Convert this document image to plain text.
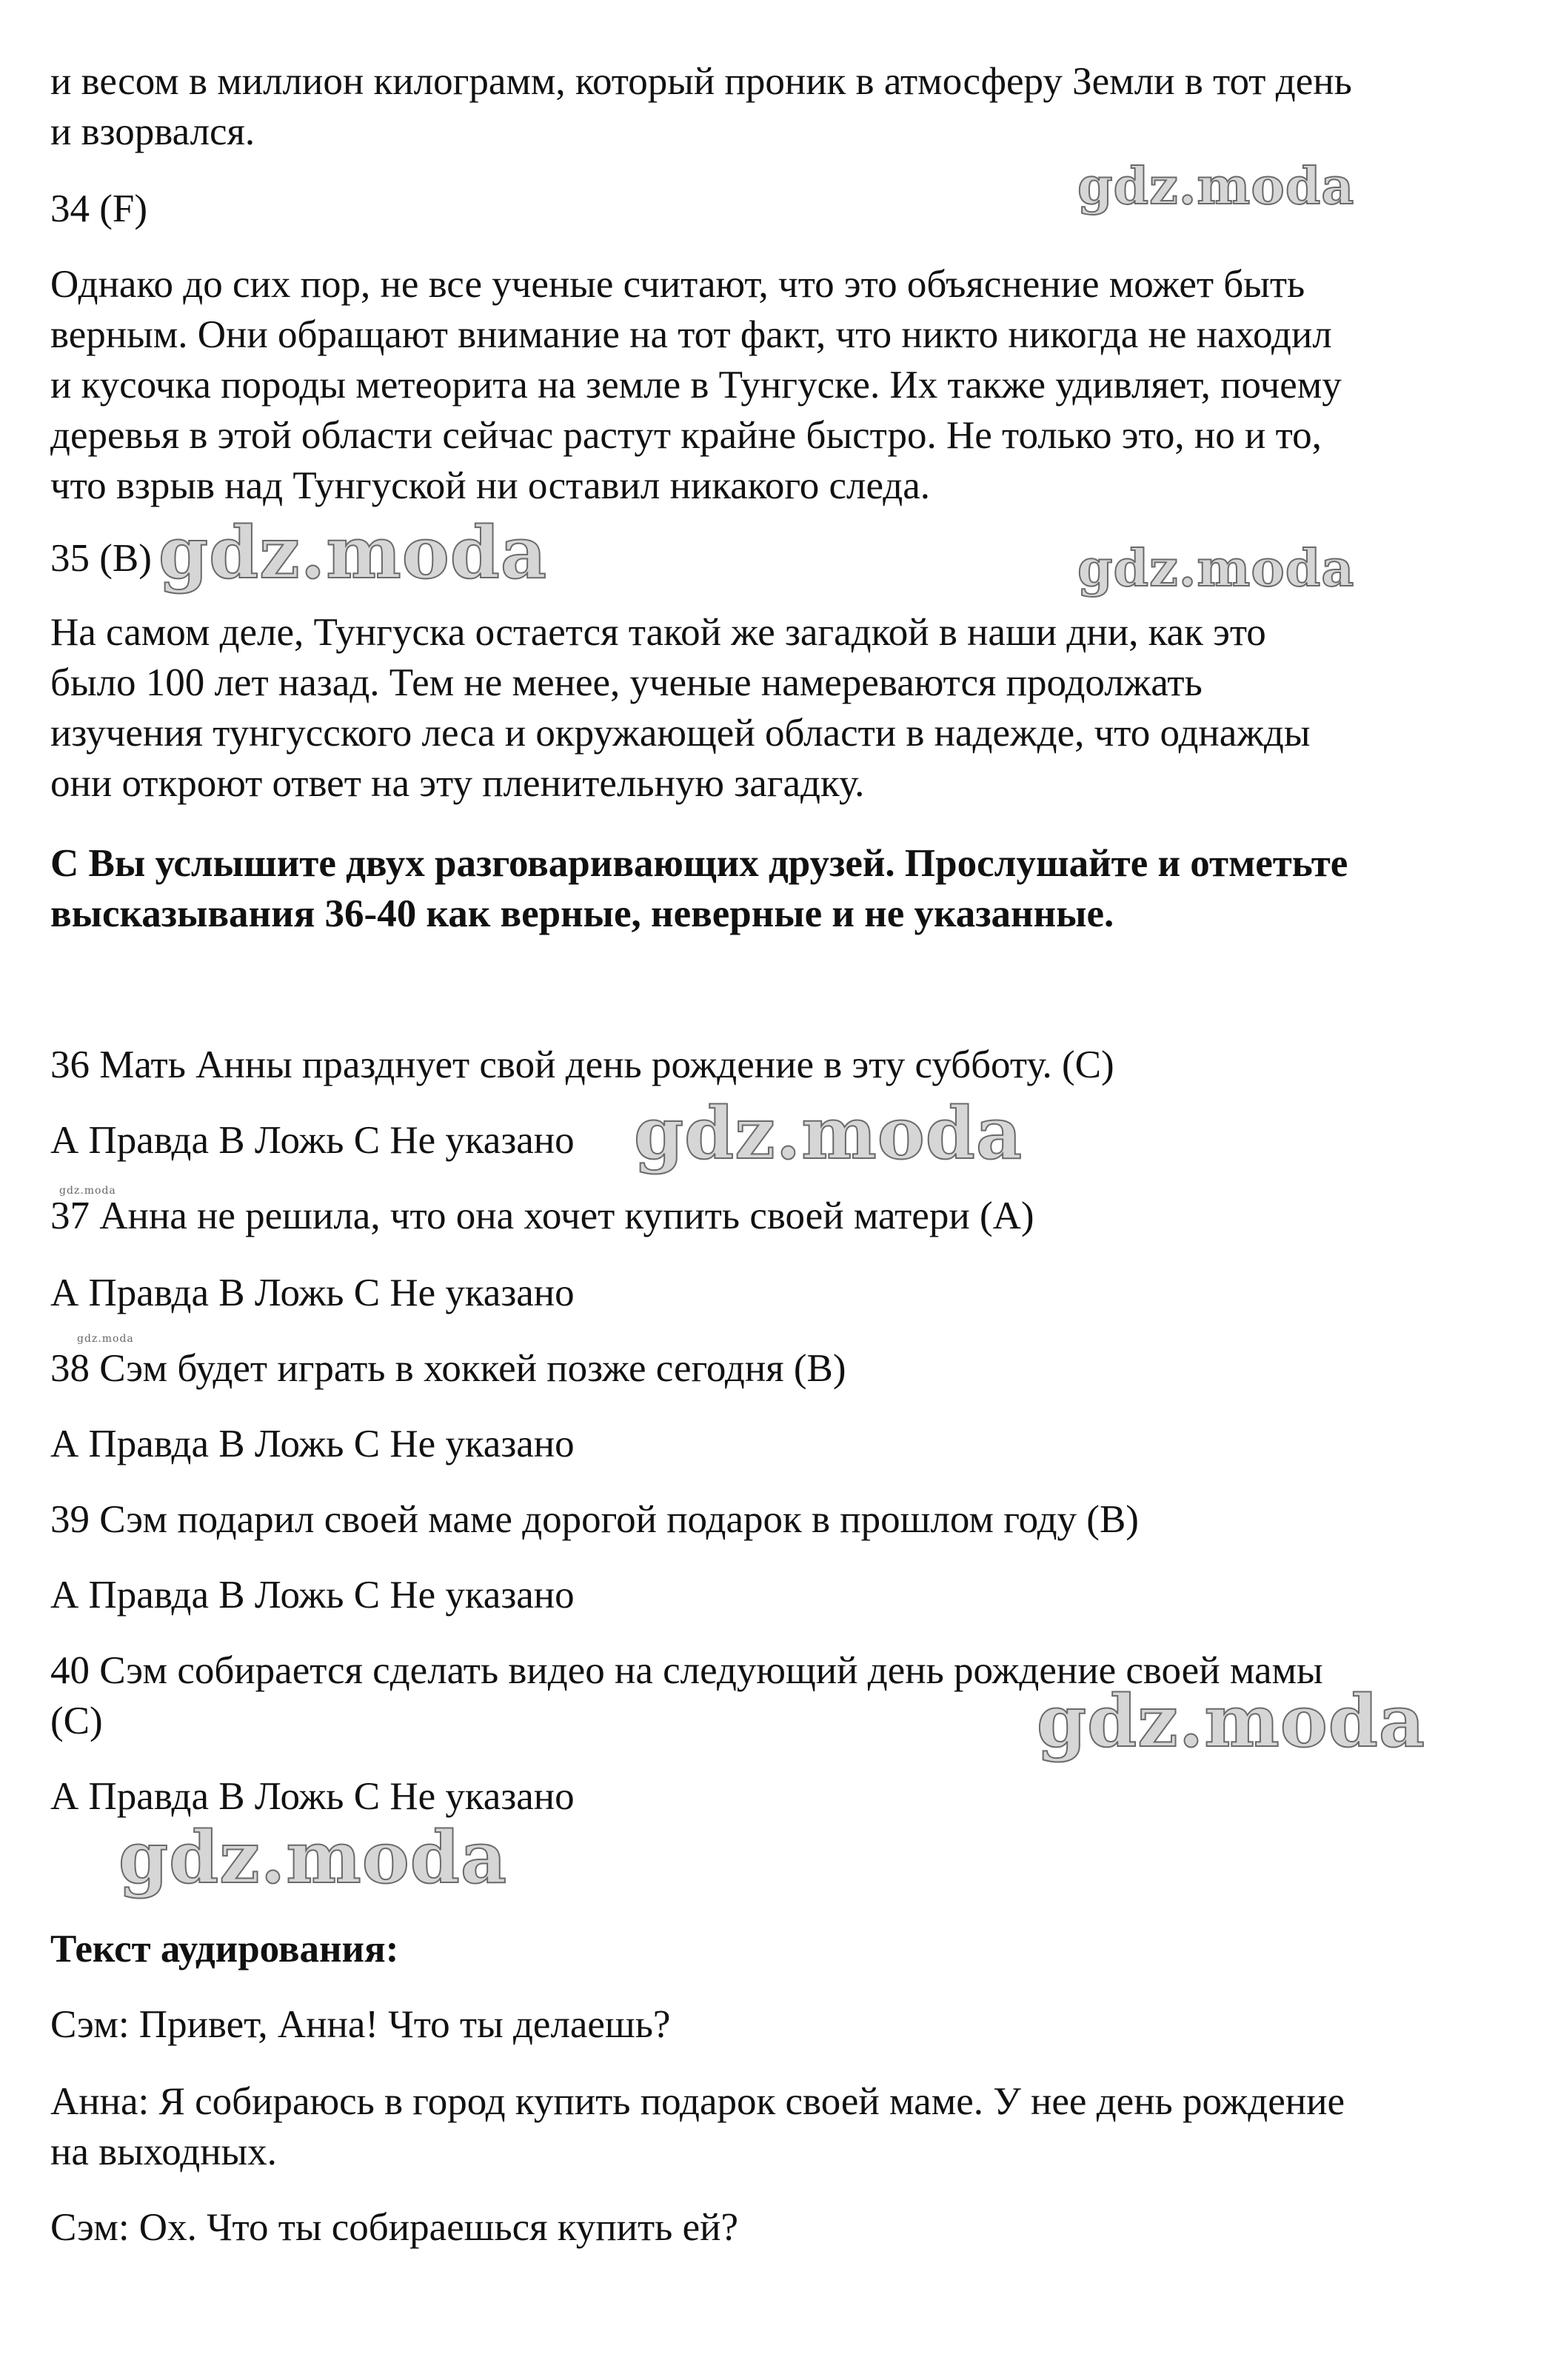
и весом в миллион килограмм, который проник в атмосферу Земли в тот день
и взорвался.
34 (F)	gdz.moda
Однако до сих пор, не все ученые считают, что это объяснение может быть
верным. Они обращают внимание на тот факт, что никто никогда не находил
и кусочка породы метеорита на земле в Тунгуске. Их также удивляет, почему
деревья в этой области сейчас растут крайне быстро. Не только это, но и то,
что взрыв над Тунгуской ни оставил никакого следа.
35 (B) gdz.moda	gdz.moda
На самом деле, Тунгуска остается такой же загадкой в наши дни, как это
было 100 лет назад. Тем не менее, ученые намереваются продолжать
изучения тунгусского леса и окружающей области в надежде, что однажды
они откроют ответ на эту пленительную загадку.
С Вы услышите двух разговаривающих друзей. Прослушайте и отметьте
высказывания 36-40 как верные, неверные и не указанные.
36 Мать Анны празднует свой день рождение в эту субботу. (С)
А Правда В Ложь С Не указано gdz.moda
gdz.moda
37 Анна не решила, что она хочет купить своей матери (А)
А Правда В Ложь С Не указано
gdz.moda
38 Сэм будет играть в хоккей позже сегодня (В)
А Правда В Ложь С Не указано
39 Сэм подарил своей маме дорогой подарок в прошлом году (В)
А Правда В Ложь С Не указано
40 Сэм собирается сделать видео на следующий день рождение своей мамы
(С)	gdz.moda
А Правда В Ложь С Не указано
gdz.moda
Текст аудирования:
Сэм: Привет, Анна! Что ты делаешь?
Анна: Я собираюсь в город купить подарок своей маме. У нее день рождение
на выходных.
Сэм: Ох. Что ты собираешься купить ей?
